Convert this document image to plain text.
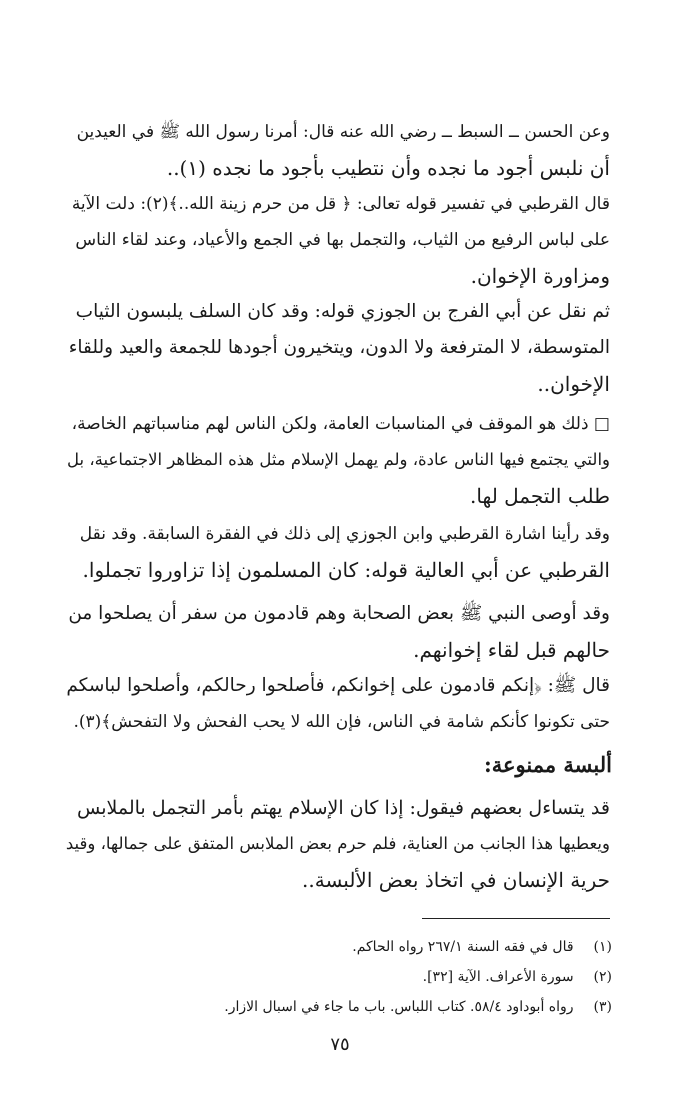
وعن الحسن ــ السبط ــ رضي الله عنه قال: أمرنا رسول الله ﷺ في العيدين
أن نلبس أجود ما نجده وأن نتطيب بأجود ما نجده (١)..
قال القرطبي في تفسير قوله تعالى: ﴿ قل من حرم زينة الله..﴾(٢): دلت الآية
على لباس الرفيع من الثياب، والتجمل بها في الجمع والأعياد، وعند لقاء الناس
ومزاورة الإخوان.
ثم نقل عن أبي الفرج بن الجوزي قوله: وقد كان السلف يلبسون الثياب
المتوسطة، لا المترفعة ولا الدون، ويتخيرون أجودها للجمعة والعيد وللقاء
الإخوان..
□ ذلك هو الموقف في المناسبات العامة، ولكن الناس لهم مناسباتهم الخاصة،
والتي يجتمع فيها الناس عادة، ولم يهمل الإسلام مثل هذه المظاهر الاجتماعية، بل
طلب التجمل لها.
وقد رأينا اشارة القرطبي وابن الجوزي إلى ذلك في الفقرة السابقة. وقد نقل
القرطبي عن أبي العالية قوله: كان المسلمون إذا تزاوروا تجملوا.
وقد أوصى النبي ﷺ بعض الصحابة وهم قادمون من سفر أن يصلحوا من
حالهم قبل لقاء إخوانهم.
قال ﷺ: ﴿إنكم قادمون على إخوانكم، فأصلحوا رحالكم، وأصلحوا لباسكم
حتى تكونوا كأنكم شامة في الناس، فإن الله لا يحب الفحش ولا التفحش﴾(٣).
ألبسة ممنوعة:
قد يتساءل بعضهم فيقول: إذا كان الإسلام يهتم بأمر التجمل بالملابس
ويعطيها هذا الجانب من العناية، فلم حرم بعض الملابس المتفق على جمالها، وقيد
حرية الإنسان في اتخاذ بعض الألبسة..
(١) قال في فقه السنة ٢٦٧/١ رواه الحاكم.
(٢) سورة الأعراف. الآية [٣٢].
(٣) رواه أبوداود ٥٨/٤. كتاب اللباس. باب ما جاء في اسبال الازار.
٧٥
